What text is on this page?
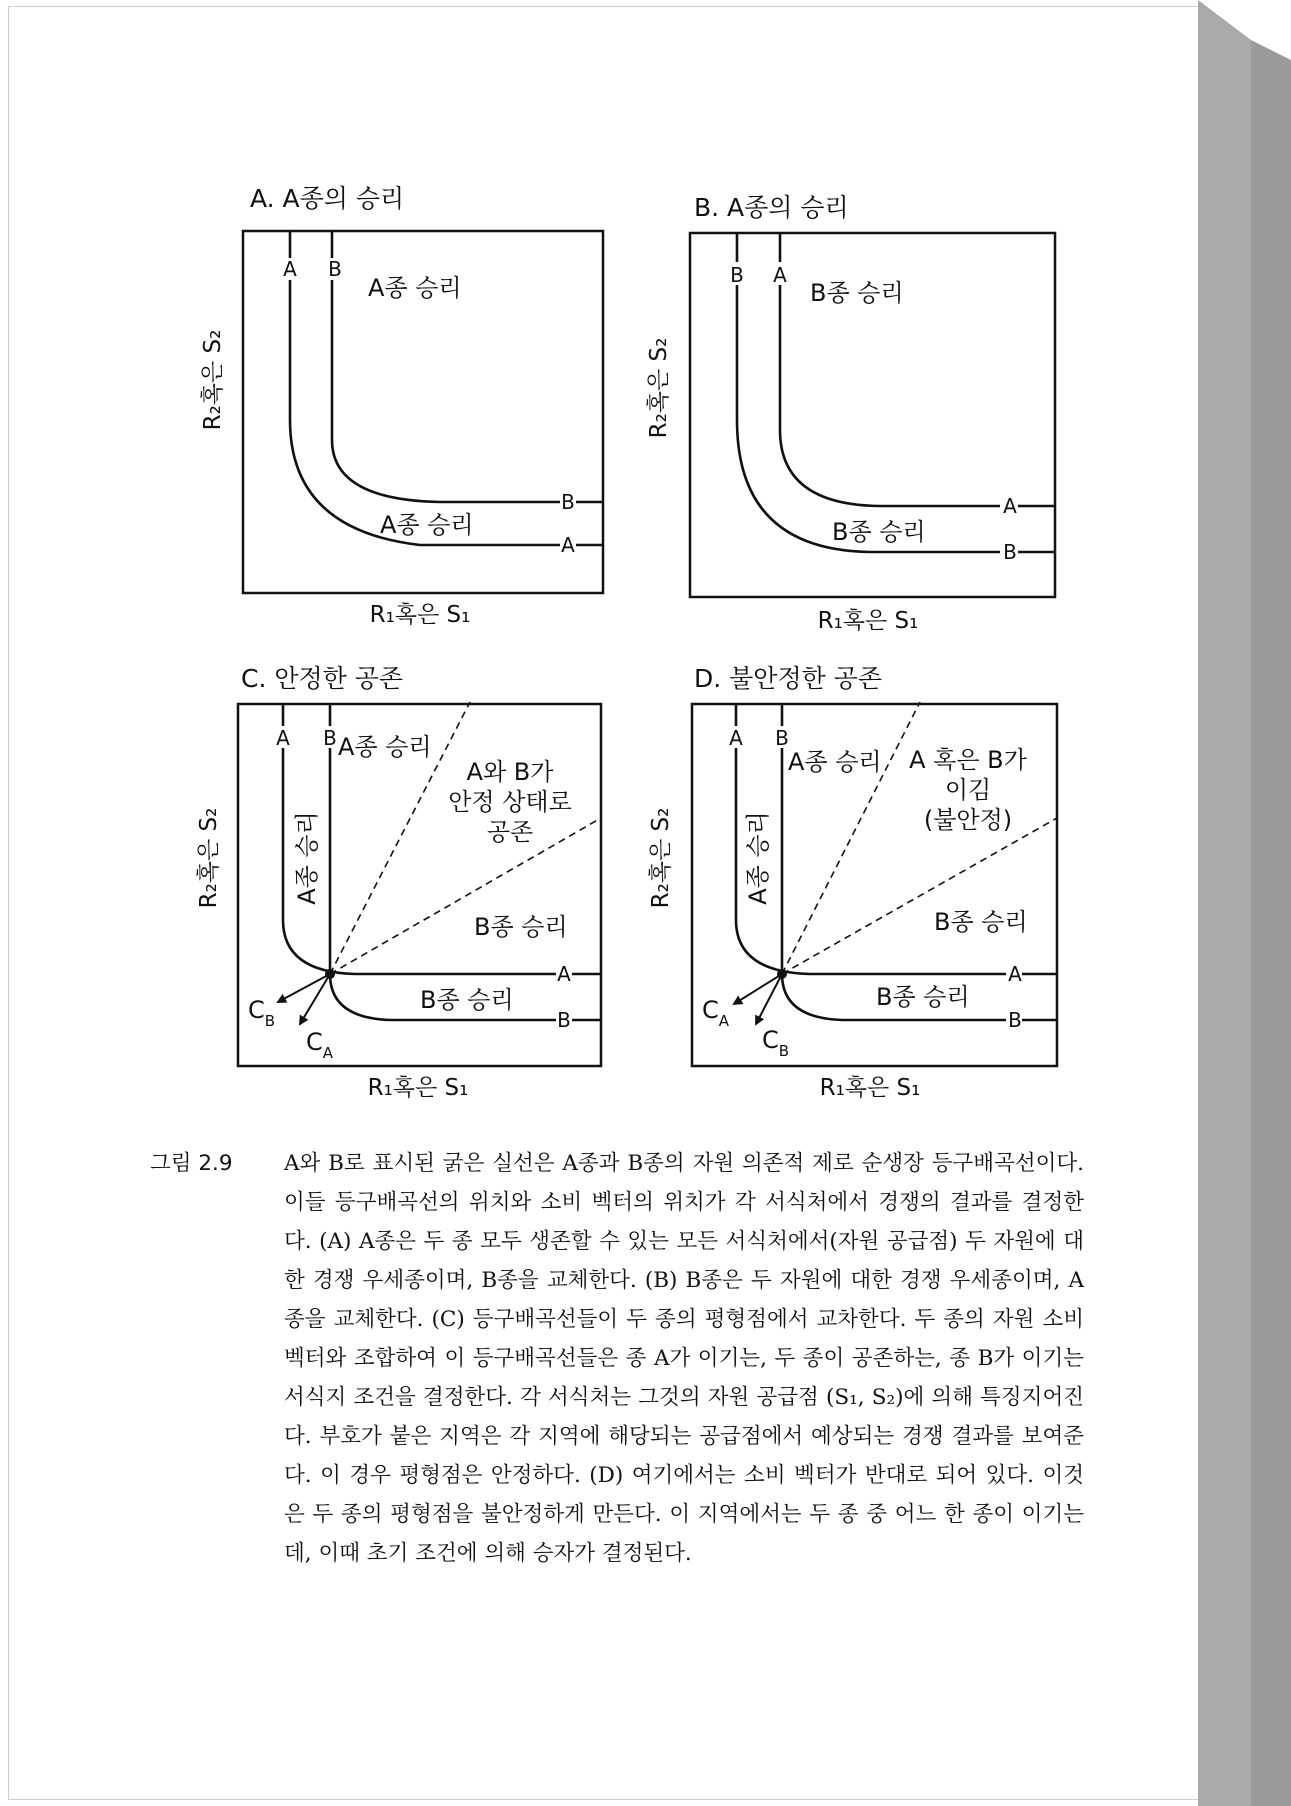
A. A종의 승리
A B
B
A
A종 승리
A종 승리
R₁혹은 S₁
R₂혹은 S₂
B. A종의 승리
B A
A
B
B종 승리
B종 승리
R₁혹은 S₁
R₂혹은 S₂
C. 안정한 공존
A B
A
B
A종 승리
A와 B가
안정 상태로
공존
A종 승리
B종 승리
B종 승리
$C_B$
$C_A$
R₁혹은 S₁
R₂혹은 S₂
D. 불안정한 공존
A B
A
B
A종 승리 A 혹은 B가
이김
(불안정)
A종 승리
B종 승리
B종 승리
$C_A$
$C_B$
R₁혹은 S₁
R₂혹은 S₂
그림 2.9 A와 B로 표시된 굵은 실선은 A종과 B종의 자원 의존적 제로 순생장 등구배곡선이다. 이들 등구배곡선의 위치와 소비 벡터의 위치가 각 서식처에서 경쟁의 결과를 결정한다. (A) A종은 두 종 모두 생존할 수 있는 모든 서식처에서(자원 공급점) 두 자원에 대한 경쟁 우세종이며, B종을 교체한다. (B) B종은 두 자원에 대한 경쟁 우세종이며, A종을 교체한다. (C) 등구배곡선들이 두 종의 평형점에서 교차한다. 두 종의 자원 소비 벡터와 조합하여 이 등구배곡선들은 종 A가 이기는, 두 종이 공존하는, 종 B가 이기는 서식지 조건을 결정한다. 각 서식처는 그것의 자원 공급점 (S₁, S₂)에 의해 특징지어진다. 부호가 붙은 지역은 각 지역에 해당되는 공급점에서 예상되는 경쟁 결과를 보여준다. 이 경우 평형점은 안정하다. (D) 여기에서는 소비 벡터가 반대로 되어 있다. 이것은 두 종의 평형점을 불안정하게 만든다. 이 지역에서는 두 종 중 어느 한 종이 이기는데, 이때 초기 조건에 의해 승자가 결정된다.
